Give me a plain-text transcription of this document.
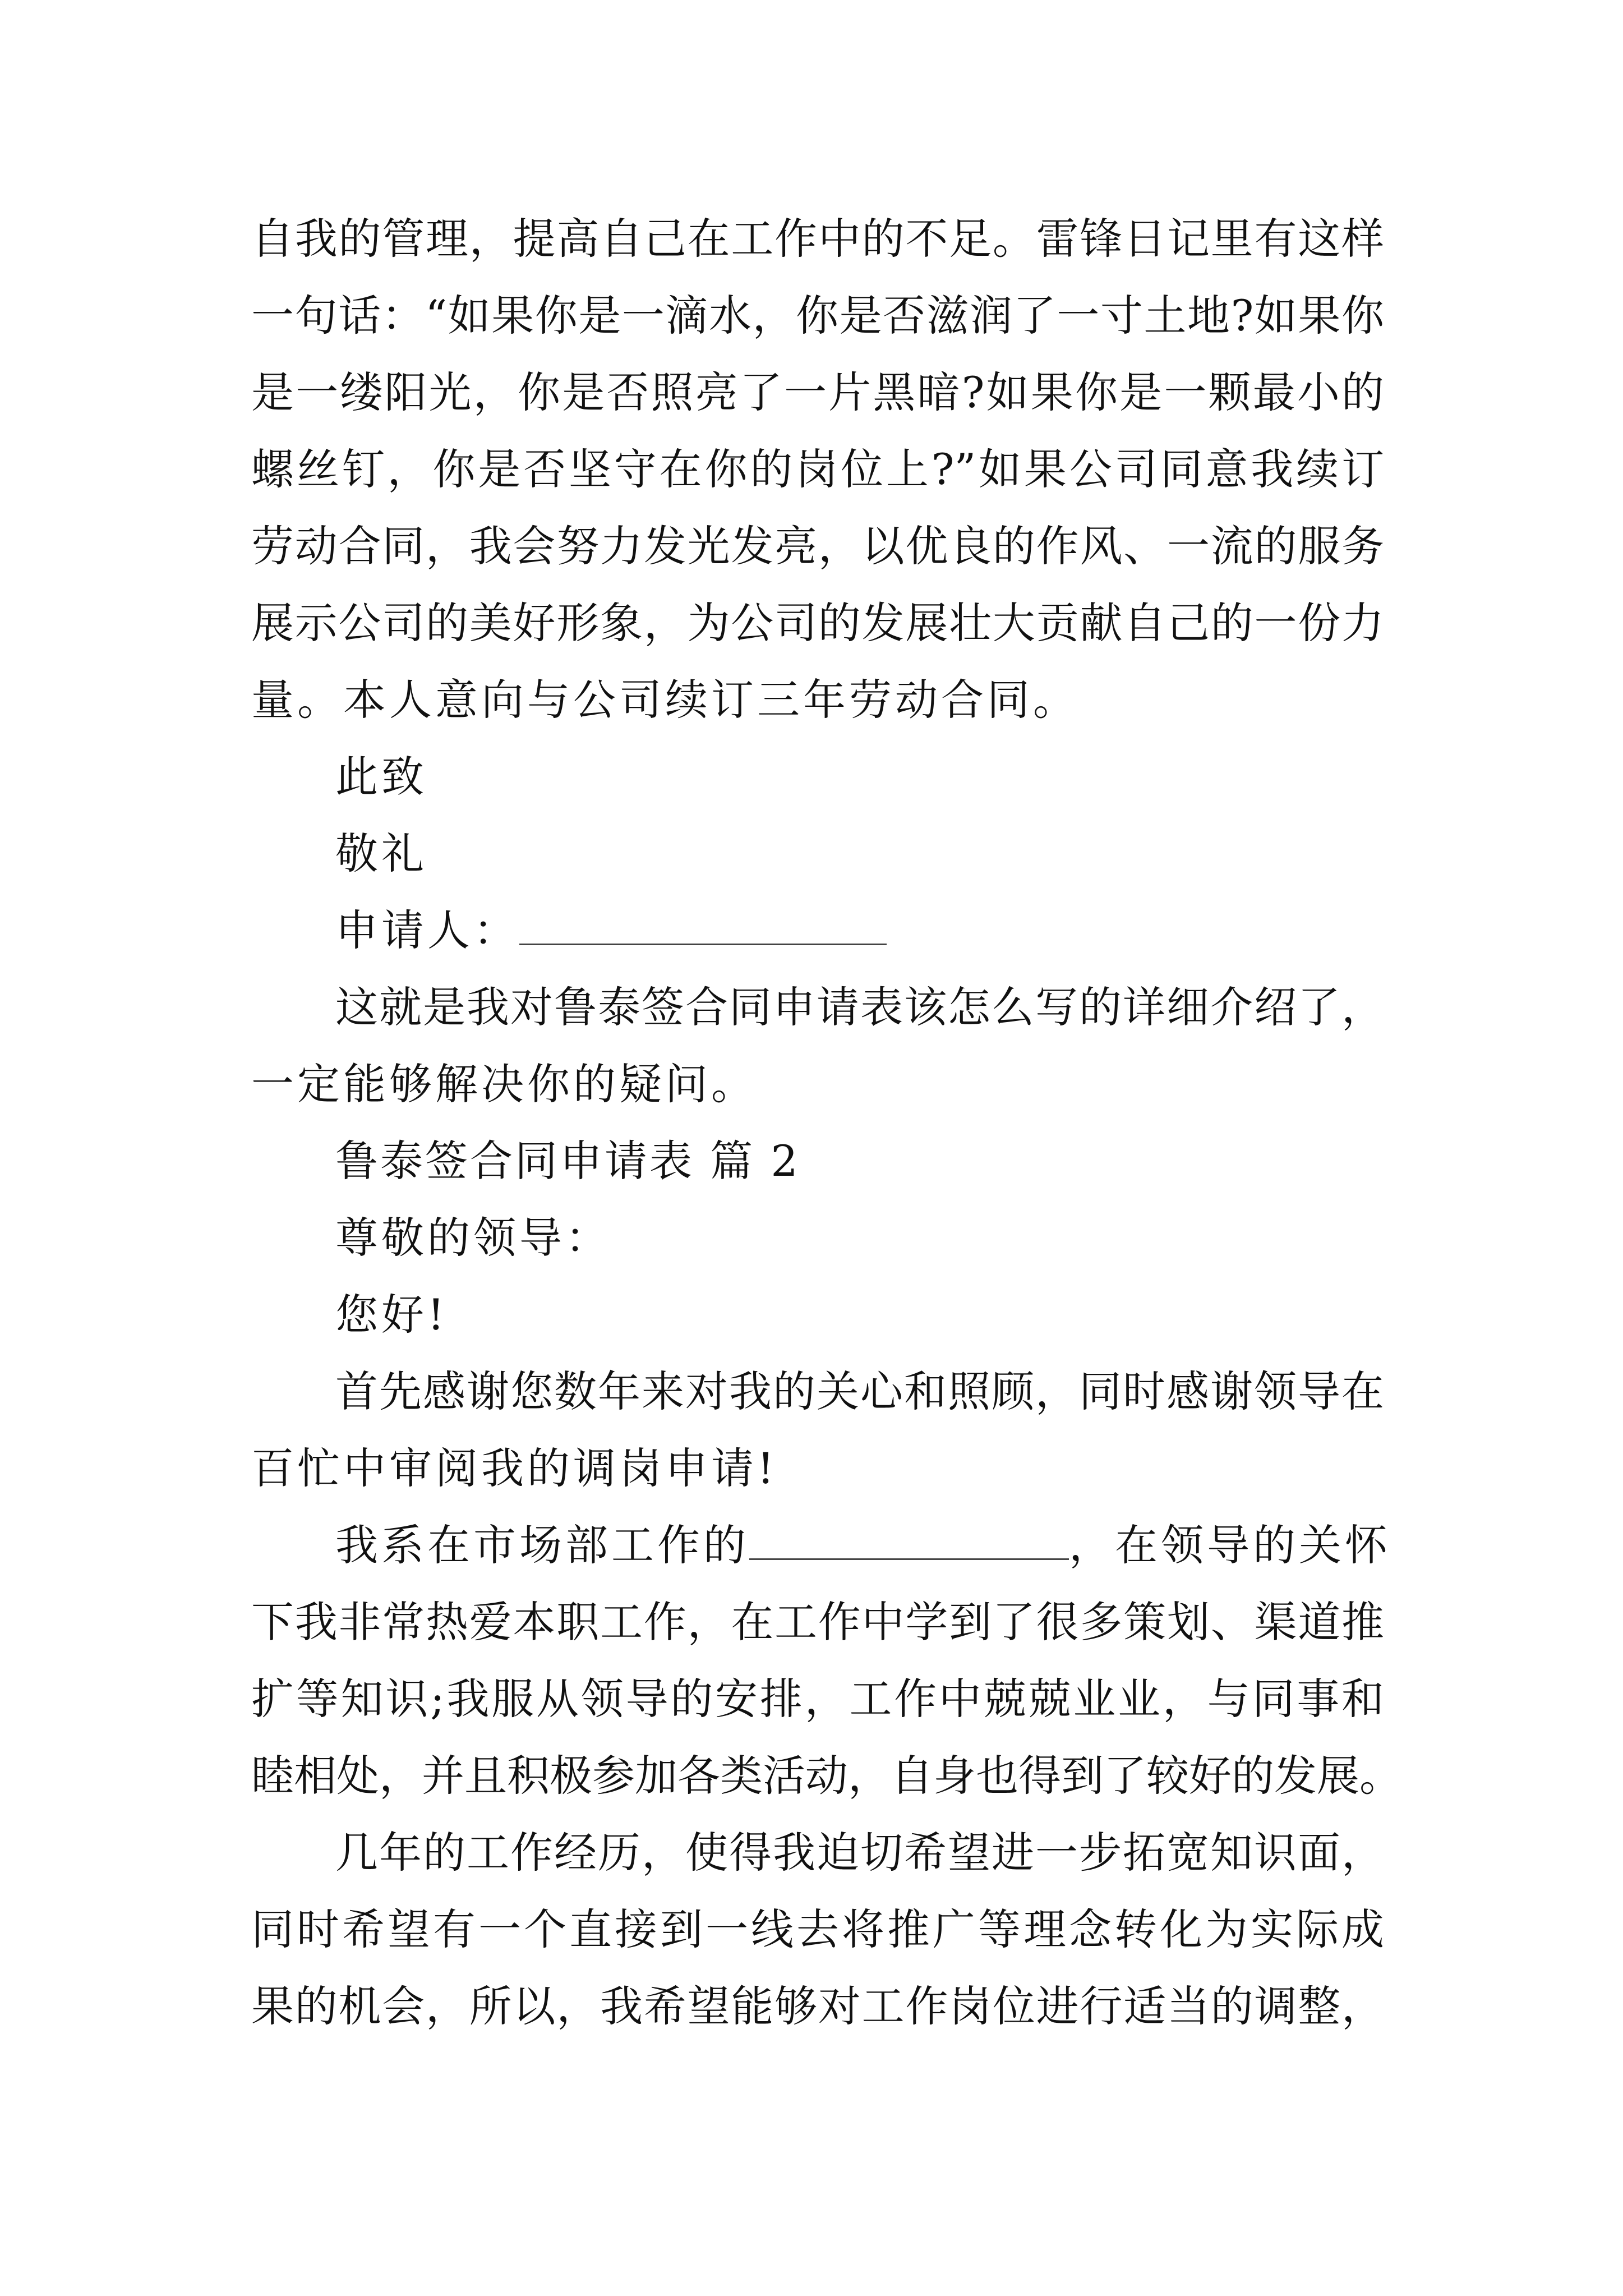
自我的管理，提高自己在工作中的不足。雷锋日记里有这样
一句话：“如果你是一滴水，你是否滋润了一寸土地?如果你
是一缕阳光，你是否照亮了一片黑暗?如果你是一颗最小的
螺丝钉，你是否坚守在你的岗位上?”如果公司同意我续订
劳动合同，我会努力发光发亮，以优良的作风、一流的服务
展示公司的美好形象，为公司的发展壮大贡献自己的一份力
量。本人意向与公司续订三年劳动合同。
此致
敬礼
申请人：
这就是我对鲁泰签合同申请表该怎么写的详细介绍了，
一定能够解决你的疑问。
鲁泰签合同申请表 篇 2
尊敬的领导：
您好!
首先感谢您数年来对我的关心和照顾，同时感谢领导在
百忙中审阅我的调岗申请!
我系在市场部工作的	，在领导的关怀
下我非常热爱本职工作，在工作中学到了很多策划、渠道推
扩等知识;我服从领导的安排，工作中兢兢业业，与同事和
睦相处，并且积极参加各类活动，自身也得到了较好的发展。
几年的工作经历，使得我迫切希望进一步拓宽知识面，
同时希望有一个直接到一线去将推广等理念转化为实际成
果的机会，所以，我希望能够对工作岗位进行适当的调整，
